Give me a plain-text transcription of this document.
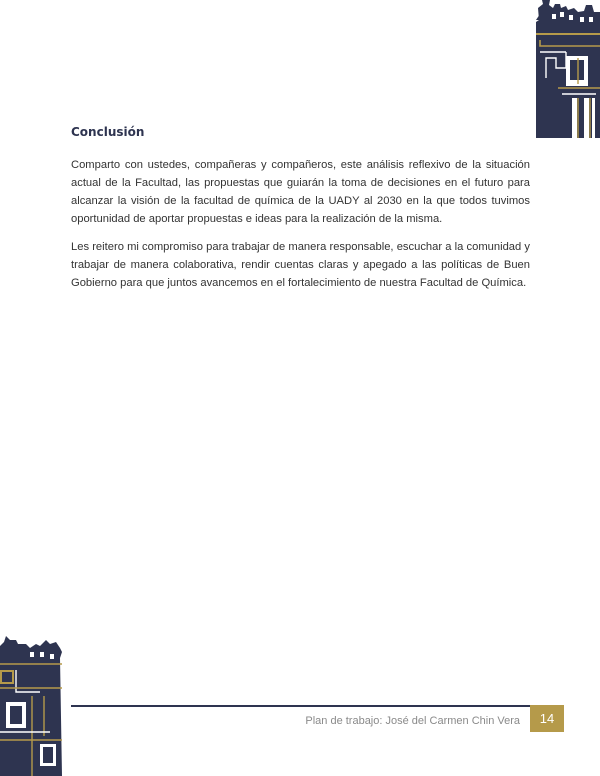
Conclusión

Comparto con ustedes, compañeras y compañeros, este análisis reflexivo de la situación actual de la Facultad, las propuestas que guiarán la toma de decisiones en el futuro para alcanzar la visión de la facultad de química de la UADY al 2030 en la que todos tuvimos oportunidad de aportar propuestas e ideas para la realización de la misma.

Les reitero mi compromiso para trabajar de manera responsable, escuchar a la comunidad y trabajar de manera colaborativa, rendir cuentas claras y apegado a las políticas de Buen Gobierno para que juntos avancemos en el fortalecimiento de nuestra Facultad de Química.

Plan de trabajo: José del Carmen Chin Vera	14
